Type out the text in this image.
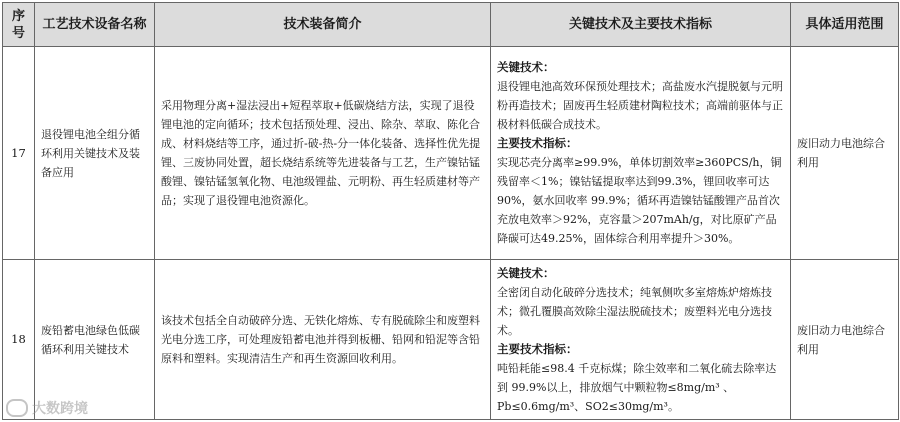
序号	工艺技术设备名称	技术装备简介	关键技术及主要技术指标	具体适用范围
17	退役锂电池全组分循环利用关键技术及装备应用	采用物理分离+湿法浸出+短程萃取+低碳烧结方法，实现了退役锂电池的定向循环；技术包括预处理、浸出、除杂、萃取、陈化合成、材料烧结等工序，通过折-破-热-分一体化装备、选择性优先提锂、三废协同处置，超长烧结系统等先进装备与工艺，生产镍钴锰酸锂、镍钴锰氢氧化物、电池级锂盐、元明粉、再生轻质建材等产品；实现了退役锂电池资源化。	关键技术：
退役锂电池高效环保预处理技术；高盐废水汽提脱氨与元明粉再造技术；固废再生轻质建材陶粒技术；高端前驱体与正极材料低碳合成技术。
主要技术指标：
实现芯壳分离率≥99.9%，单体切割效率≥360PCS/h，铜残留率＜1%；镍钴锰提取率达到99.3%，锂回收率可达 90%，氨水回收率 99.9%；循环再造镍钴锰酸锂产品首次充放电效率＞92%，克容量＞207mAh/g，对比原矿产品降碳可达49.25%，固体综合利用率提升＞30%。	废旧动力电池综合利用
18	废铅蓄电池绿色低碳循环利用关键技术	该技术包括全自动破碎分选、无铁化熔炼、专有脱硫除尘和废塑料光电分选工序，可处理废铅蓄电池并得到板栅、铅网和铅泥等含铅原料和塑料。实现清洁生产和再生资源回收利用。	关键技术：
全密闭自动化破碎分选技术；纯氧侧吹多室熔炼炉熔炼技术；微孔覆膜高效除尘湿法脱硫技术；废塑料光电分选技术。
主要技术指标：
吨铅耗能≤98.4 千克标煤；除尘效率和二氧化硫去除率达到 99.9%以上，排放烟气中颗粒物≤8mg/m³ 、Pb≤0.6mg/m³、SO2≤30mg/m³。	废旧动力电池综合利用
大数跨境
